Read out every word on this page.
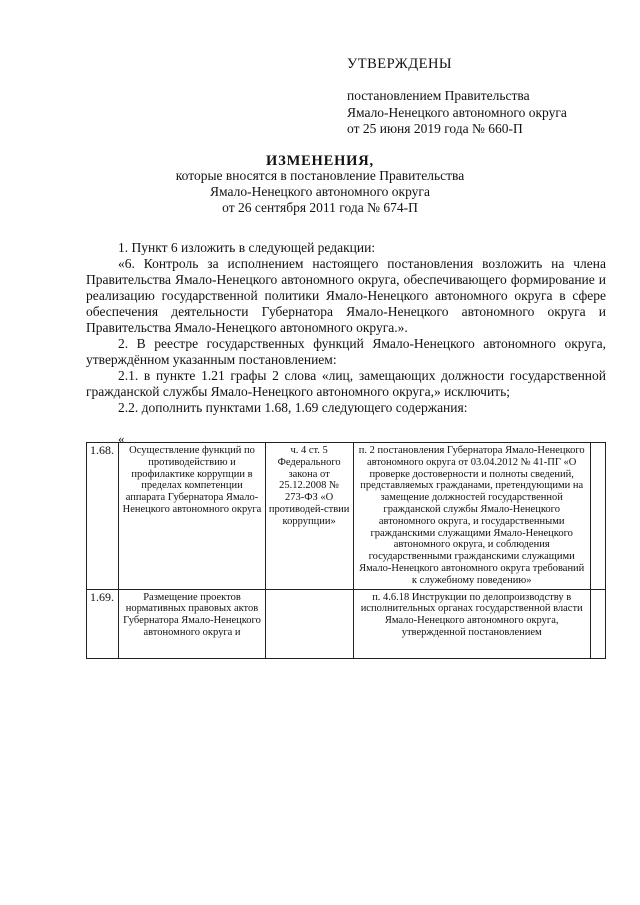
УТВЕРЖДЕНЫ
постановлением Правительства
Ямало-Ненецкого автономного округа
от 25 июня 2019 года № 660-П
ИЗМЕНЕНИЯ,
которые вносятся в постановление Правительства
Ямало-Ненецкого автономного округа
от 26 сентября 2011 года № 674-П

1. Пункт 6 изложить в следующей редакции:

«6. Контроль за исполнением настоящего постановления возложить на члена Правительства Ямало-Ненецкого автономного округа, обеспечивающего формирование и реализацию государственной политики Ямало-Ненецкого автономного округа в сфере обеспечения деятельности Губернатора Ямало-Ненецкого автономного округа и Правительства Ямало-Ненецкого автономного округа.».

2. В реестре государственных функций Ямало-Ненецкого автономного округа, утверждённом указанным постановлением:

2.1. в пункте 1.21 графы 2 слова «лиц, замещающих должности государственной гражданской службы Ямало-Ненецкого автономного округа,» исключить;

2.2. дополнить пунктами 1.68, 1.69 следующего содержания:

«
1.68.	Осуществление функций по противодействию и профилактике коррупции в пределах компетенции аппарата Губернатора Ямало-Ненецкого автономного округа	ч. 4 ст. 5 Федерального закона от 25.12.2008 № 273-ФЗ «О противодей-ствии коррупции»	п. 2 постановления Губернатора Ямало-Ненецкого автономного округа от 03.04.2012 № 41-ПГ «О проверке достоверности и полноты сведений, представляемых гражданами, претендующими на замещение должностей государственной гражданской службы Ямало-Ненецкого автономного округа, и государственными гражданскими служащими Ямало-Ненецкого автономного округа, и соблюдения государственными гражданскими служащими Ямало-Ненецкого автономного округа требований к служебному поведению»	
1.69.	Размещение проектов нормативных правовых актов Губернатора Ямало-Ненецкого автономного округа и		п. 4.6.18 Инструкции по делопроизводству в исполнительных органах государственной власти Ямало-Ненецкого автономного округа, утвержденной постановлением	
